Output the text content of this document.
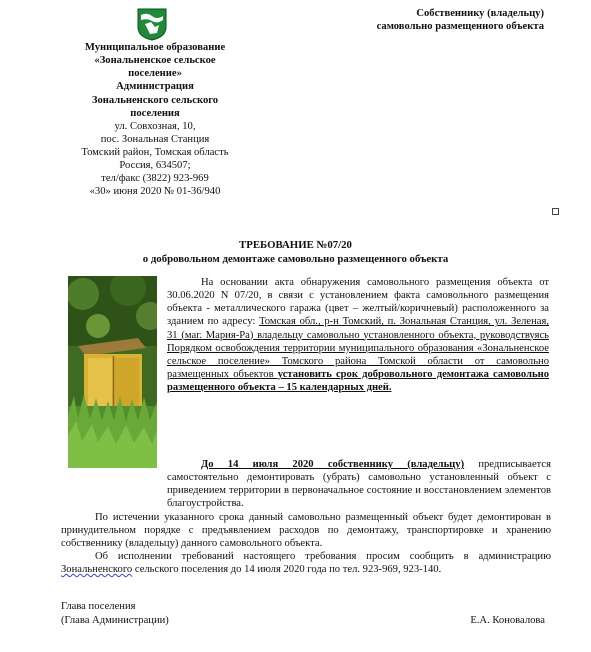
Собственнику (владельцу)
самовольно размещенного объекта
Муниципальное образование
«Зональненское сельское
поселение»
Администрация
Зональненского сельского
поселения
ул. Совхозная, 10,
пос. Зональная Станция
Томский район, Томская область
Россия, 634507;
тел/факс (3822) 923-969
«30» июня 2020 № 01-36/940
ТРЕБОВАНИЕ №07/20
о добровольном демонтаже самовольно размещенного объекта

На основании акта обнаружения самовольного размещения объекта от 30.06.2020 N 07/20, в связи с установлением факта самовольного размещения объекта - металлического гаража (цвет – желтый/коричневый) расположенного за зданием по адресу: Томская обл., р-н Томский, п. Зональная Станция, ул. Зеленая, 31 (маг. Мария-Ра) владельцу самовольно установленного объекта, руководствуясь Порядком освобождения территории муниципального образования «Зональненское сельское поселение» Томского района Томской области от самовольно размещенных объектов установить срок добровольного демонтажа самовольно размещенного объекта – 15 календарных дней.

До 14 июля 2020 собственнику (владельцу) предписывается самостоятельно демонтировать (убрать) самовольно установленный объект с приведением территории в первоначальное состояние и восстановлением элементов благоустройства.

По истечении указанного срока данный самовольно размещенный объект будет демонтирован в принудительном порядке с предъявлением расходов по демонтажу, транспортировке и хранению собственнику (владельцу) данного самовольного объекта.

Об исполнении требований настоящего требования просим сообщить в администрацию Зональненского сельского поселения до 14 июля 2020 года по тел. 923-969, 923-140.

Глава поселения
(Глава Администрации)	Е.А. Коновалова
